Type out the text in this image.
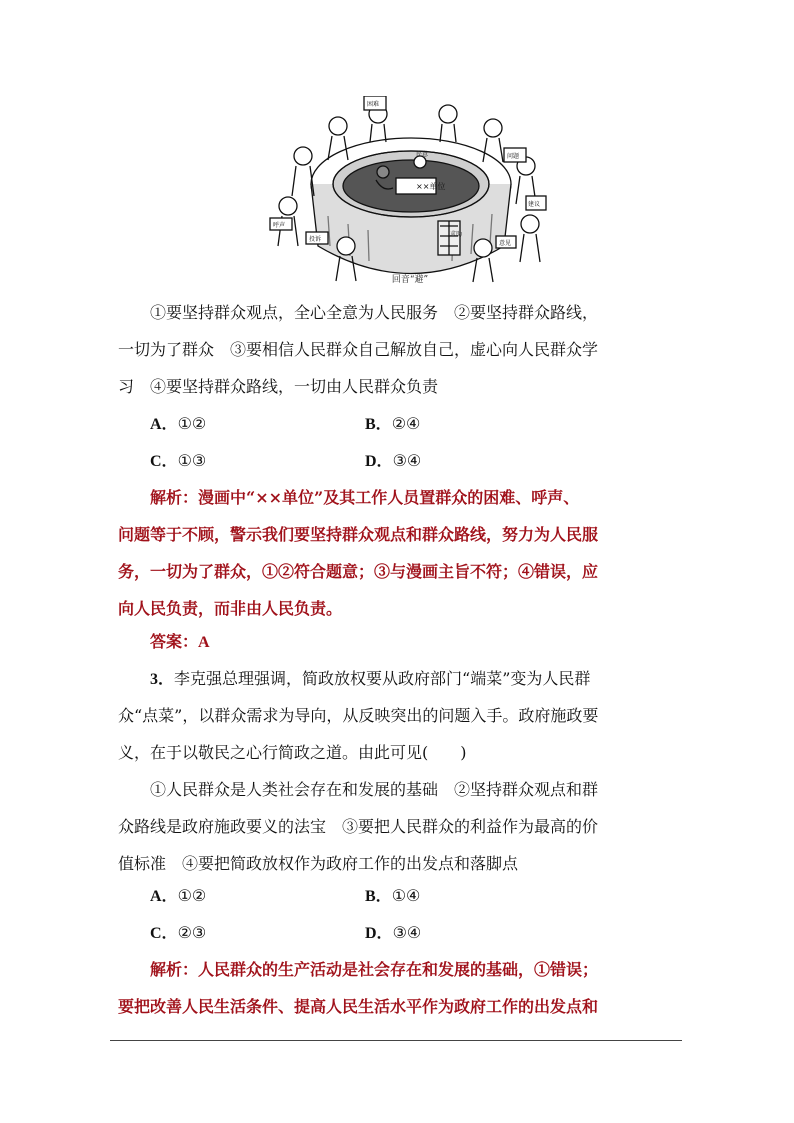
××单位
困难
问题
建议
呼声
投诉
意见
求助
民意
回音“避”
①要坚持群众观点，全心全意为人民服务　②要坚持群众路线，
一切为了群众　③要相信人民群众自己解放自己，虚心向人民群众学
习　④要坚持群众路线，一切由人民群众负责
A．①②	B．②④
C．①③	D．③④
解析：漫画中“××单位”及其工作人员置群众的困难、呼声、
问题等于不顾，警示我们要坚持群众观点和群众路线，努力为人民服
务，一切为了群众，①②符合题意；③与漫画主旨不符；④错误，应
向人民负责，而非由人民负责。
答案：A
3．李克强总理强调，简政放权要从政府部门“端菜”变为人民群
众“点菜”，以群众需求为导向，从反映突出的问题入手。政府施政要
义，在于以敬民之心行简政之道。由此可见(　　)
①人民群众是人类社会存在和发展的基础　②坚持群众观点和群
众路线是政府施政要义的法宝　③要把人民群众的利益作为最高的价
值标准　④要把简政放权作为政府工作的出发点和落脚点
A．①②	B．①④
C．②③	D．③④
解析：人民群众的生产活动是社会存在和发展的基础，①错误；
要把改善人民生活条件、提高人民生活水平作为政府工作的出发点和
